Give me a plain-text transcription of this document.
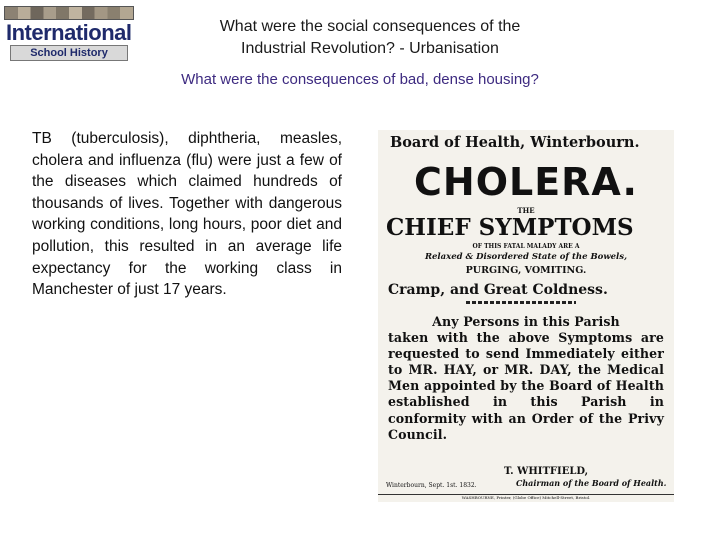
International
School History
What were the social consequences of the
Industrial Revolution? - Urbanisation
What were the consequences of bad, dense housing?
TB (tuberculosis), diphtheria, measles, cholera and influenza (flu) were just a few of the diseases which claimed hundreds of thousands of lives. Together with dangerous working conditions, long hours, poor diet and pollution, this resulted in an average life expectancy for the working class in Manchester of just 17 years.
Board of Health, Winterbourn.
CHOLERA.
THE
CHIEF SYMPTOMS
OF THIS FATAL MALADY ARE A
Relaxed & Disordered State of the Bowels,
PURGING, VOMITING.
Cramp, and Great Coldness.
Any Persons in this Parish
taken with the above Symptoms are requested to send Immediately either to MR. HAY, or MR. DAY, the Medical Men appointed by the Board of Health established in this Parish in conformity with an Order of the Privy Council.
T. WHITFIELD,
Chairman of the Board of Health.
Winterbourn, Sept. 1st. 1832.
WASHBOURNE, Printer, (Globe Office) Mitchell-Street, Bristol.
